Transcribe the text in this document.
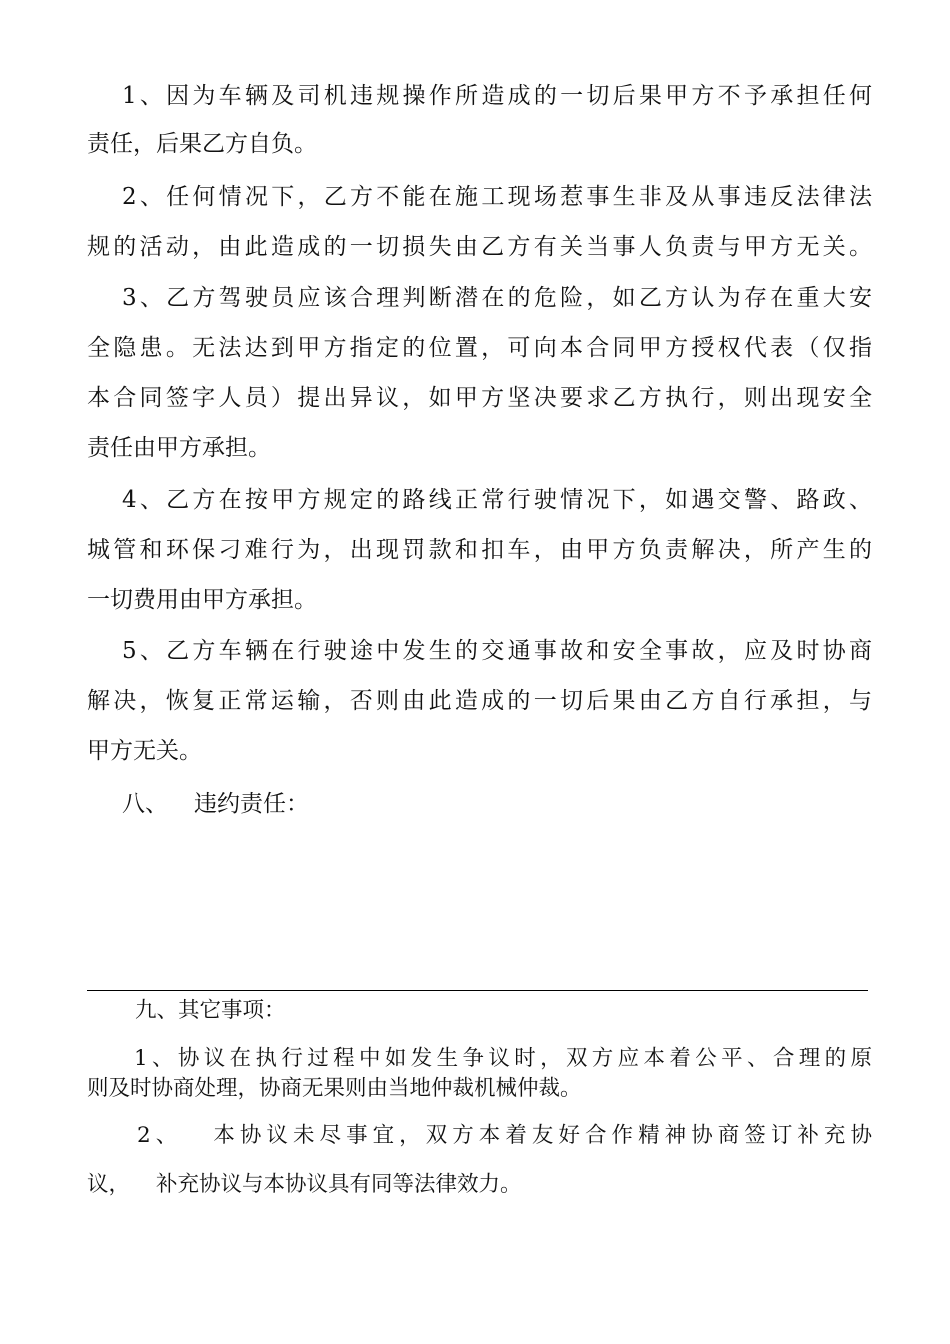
1、因为车辆及司机违规操作所造成的一切后果甲方不予承担任何
责任，后果乙方自负。
2、任何情况下，乙方不能在施工现场惹事生非及从事违反法律法
规的活动，由此造成的一切损失由乙方有关当事人负责与甲方无关。
3、乙方驾驶员应该合理判断潜在的危险，如乙方认为存在重大安
全隐患。无法达到甲方指定的位置，可向本合同甲方授权代表（仅指
本合同签字人员）提出异议，如甲方坚决要求乙方执行，则出现安全
责任由甲方承担。
4、乙方在按甲方规定的路线正常行驶情况下，如遇交警、路政、
城管和环保刁难行为，出现罚款和扣车，由甲方负责解决，所产生的
一切费用由甲方承担。
5、乙方车辆在行驶途中发生的交通事故和安全事故，应及时协商
解决，恢复正常运输，否则由此造成的一切后果由乙方自行承担，与
甲方无关。
八、 违约责任：
九、其它事项：
1、协议在执行过程中如发生争议时，双方应本着公平、合理的原
则及时协商处理，协商无果则由当地仲裁机械仲裁。
2、 本协议未尽事宜，双方本着友好合作精神协商签订补充协
议， 补充协议与本协议具有同等法律效力。
